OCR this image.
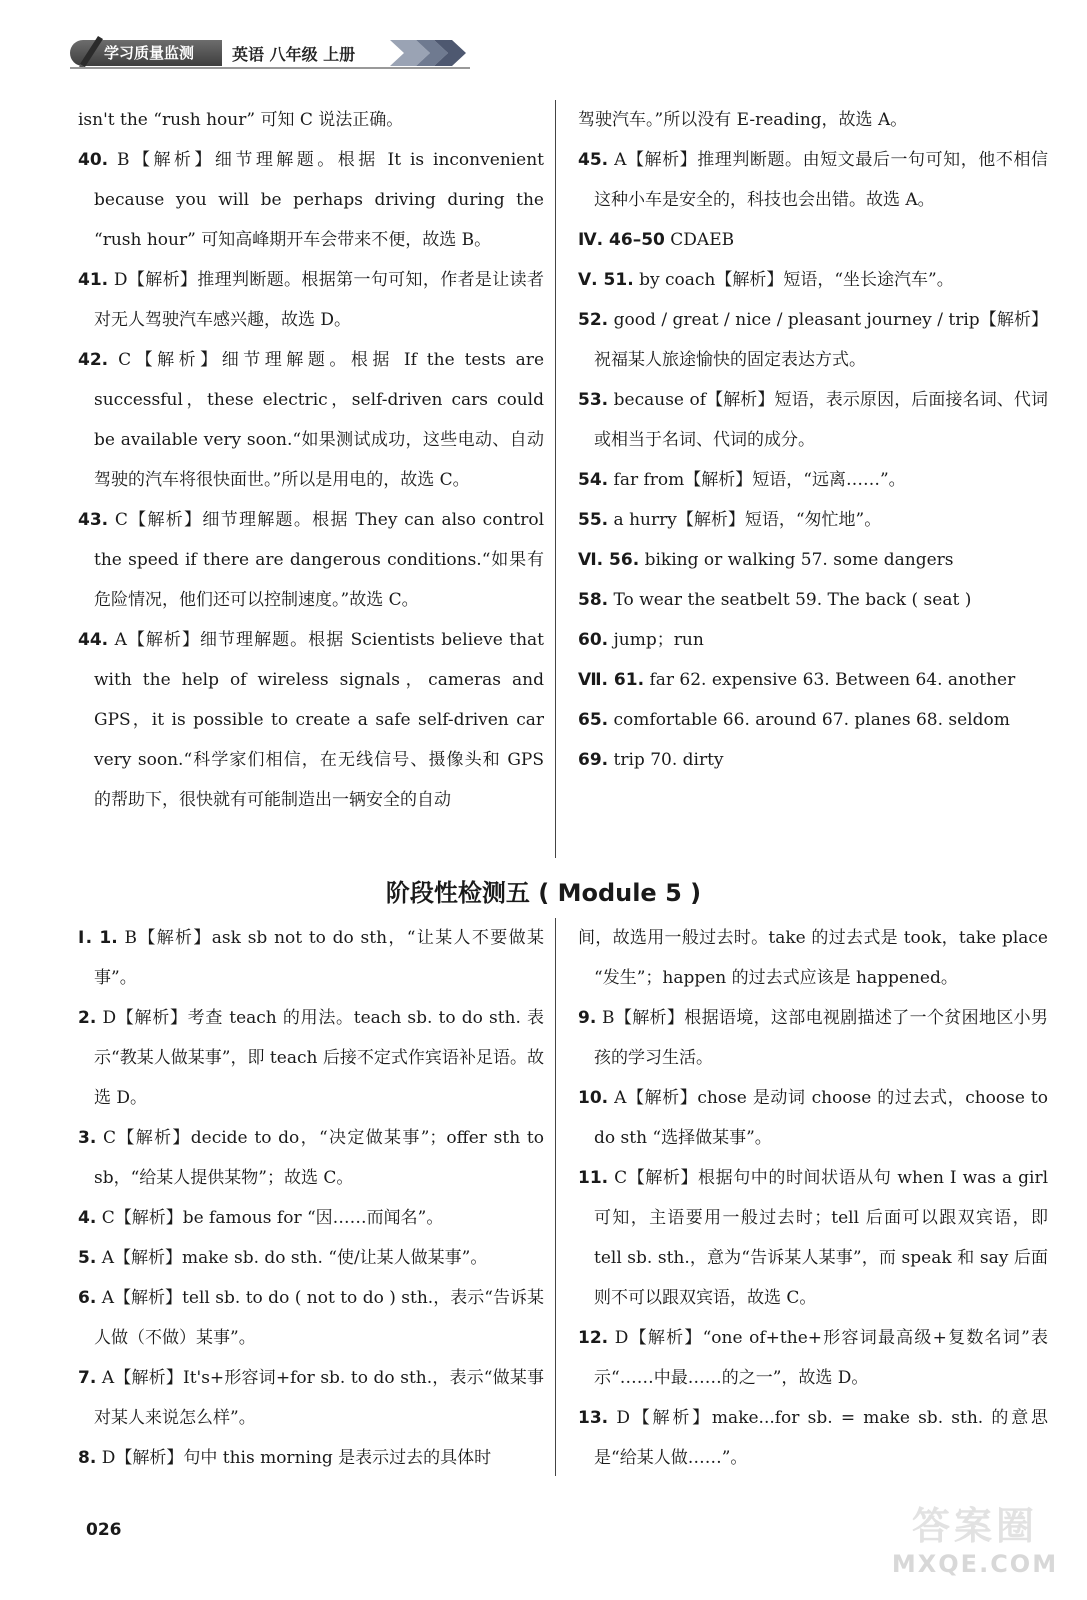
学习质量监测	英语 八年级 上册

isn't the “rush hour” 可知 C 说法正确。

40. B【解析】细节理解题。根据 It is inconvenient because you will be perhaps driving during the “rush hour” 可知高峰期开车会带来不便，故选 B。

41. D【解析】推理判断题。根据第一句可知，作者是让读者对无人驾驶汽车感兴趣，故选 D。

42. C【解析】细节理解题。根据 If the tests are successful，these electric，self-driven cars could be available very soon.“如果测试成功，这些电动、自动驾驶的汽车将很快面世。”所以是用电的，故选 C。

43. C【解析】细节理解题。根据 They can also control the speed if there are dangerous conditions.“如果有危险情况，他们还可以控制速度。”故选 C。

44. A【解析】细节理解题。根据 Scientists believe that with the help of wireless signals，cameras and GPS，it is possible to create a safe self-driven car very soon.“科学家们相信，在无线信号、摄像头和 GPS 的帮助下，很快就有可能制造出一辆安全的自动

驾驶汽车。”所以没有 E-reading，故选 A。

45. A【解析】推理判断题。由短文最后一句可知，他不相信这种小车是安全的，科技也会出错。故选 A。

Ⅳ. 46–50 CDAEB

Ⅴ. 51. by coach【解析】短语，“坐长途汽车”。

52. good / great / nice / pleasant journey / trip【解析】祝福某人旅途愉快的固定表达方式。

53. because of【解析】短语，表示原因，后面接名词、代词或相当于名词、代词的成分。

54. far from【解析】短语，“远离……”。

55. a hurry【解析】短语，“匆忙地”。

Ⅵ. 56. biking or walking 57. some dangers

58. To wear the seatbelt 59. The back ( seat )

60. jump；run

Ⅶ. 61. far 62. expensive 63. Between 64. another

65. comfortable 66. around 67. planes 68. seldom

69. trip 70. dirty

阶段性检测五 ( Module 5 )

Ⅰ. 1. B【解析】ask sb not to do sth，“让某人不要做某事”。

2. D【解析】考查 teach 的用法。teach sb. to do sth. 表示“教某人做某事”，即 teach 后接不定式作宾语补足语。故选 D。

3. C【解析】decide to do，“决定做某事”；offer sth to sb，“给某人提供某物”；故选 C。

4. C【解析】be famous for “因……而闻名”。

5. A【解析】make sb. do sth. “使/让某人做某事”。

6. A【解析】tell sb. to do ( not to do ) sth.，表示“告诉某人做（不做）某事”。

7. A【解析】It's+形容词+for sb. to do sth.，表示“做某事对某人来说怎么样”。

8. D【解析】句中 this morning 是表示过去的具体时

间，故选用一般过去时。take 的过去式是 took，take place “发生”；happen 的过去式应该是 happened。

9. B【解析】根据语境，这部电视剧描述了一个贫困地区小男孩的学习生活。

10. A【解析】chose 是动词 choose 的过去式，choose to do sth “选择做某事”。

11. C【解析】根据句中的时间状语从句 when I was a girl 可知，主语要用一般过去时；tell 后面可以跟双宾语，即 tell sb. sth.，意为“告诉某人某事”，而 speak 和 say 后面则不可以跟双宾语，故选 C。

12. D【解析】“one of+the+形容词最高级+复数名词”表示“……中最……的之一”，故选 D。

13. D【解析】make...for sb. = make sb. sth. 的意思是“给某人做……”。

026	答案圈
MXQE.COM
